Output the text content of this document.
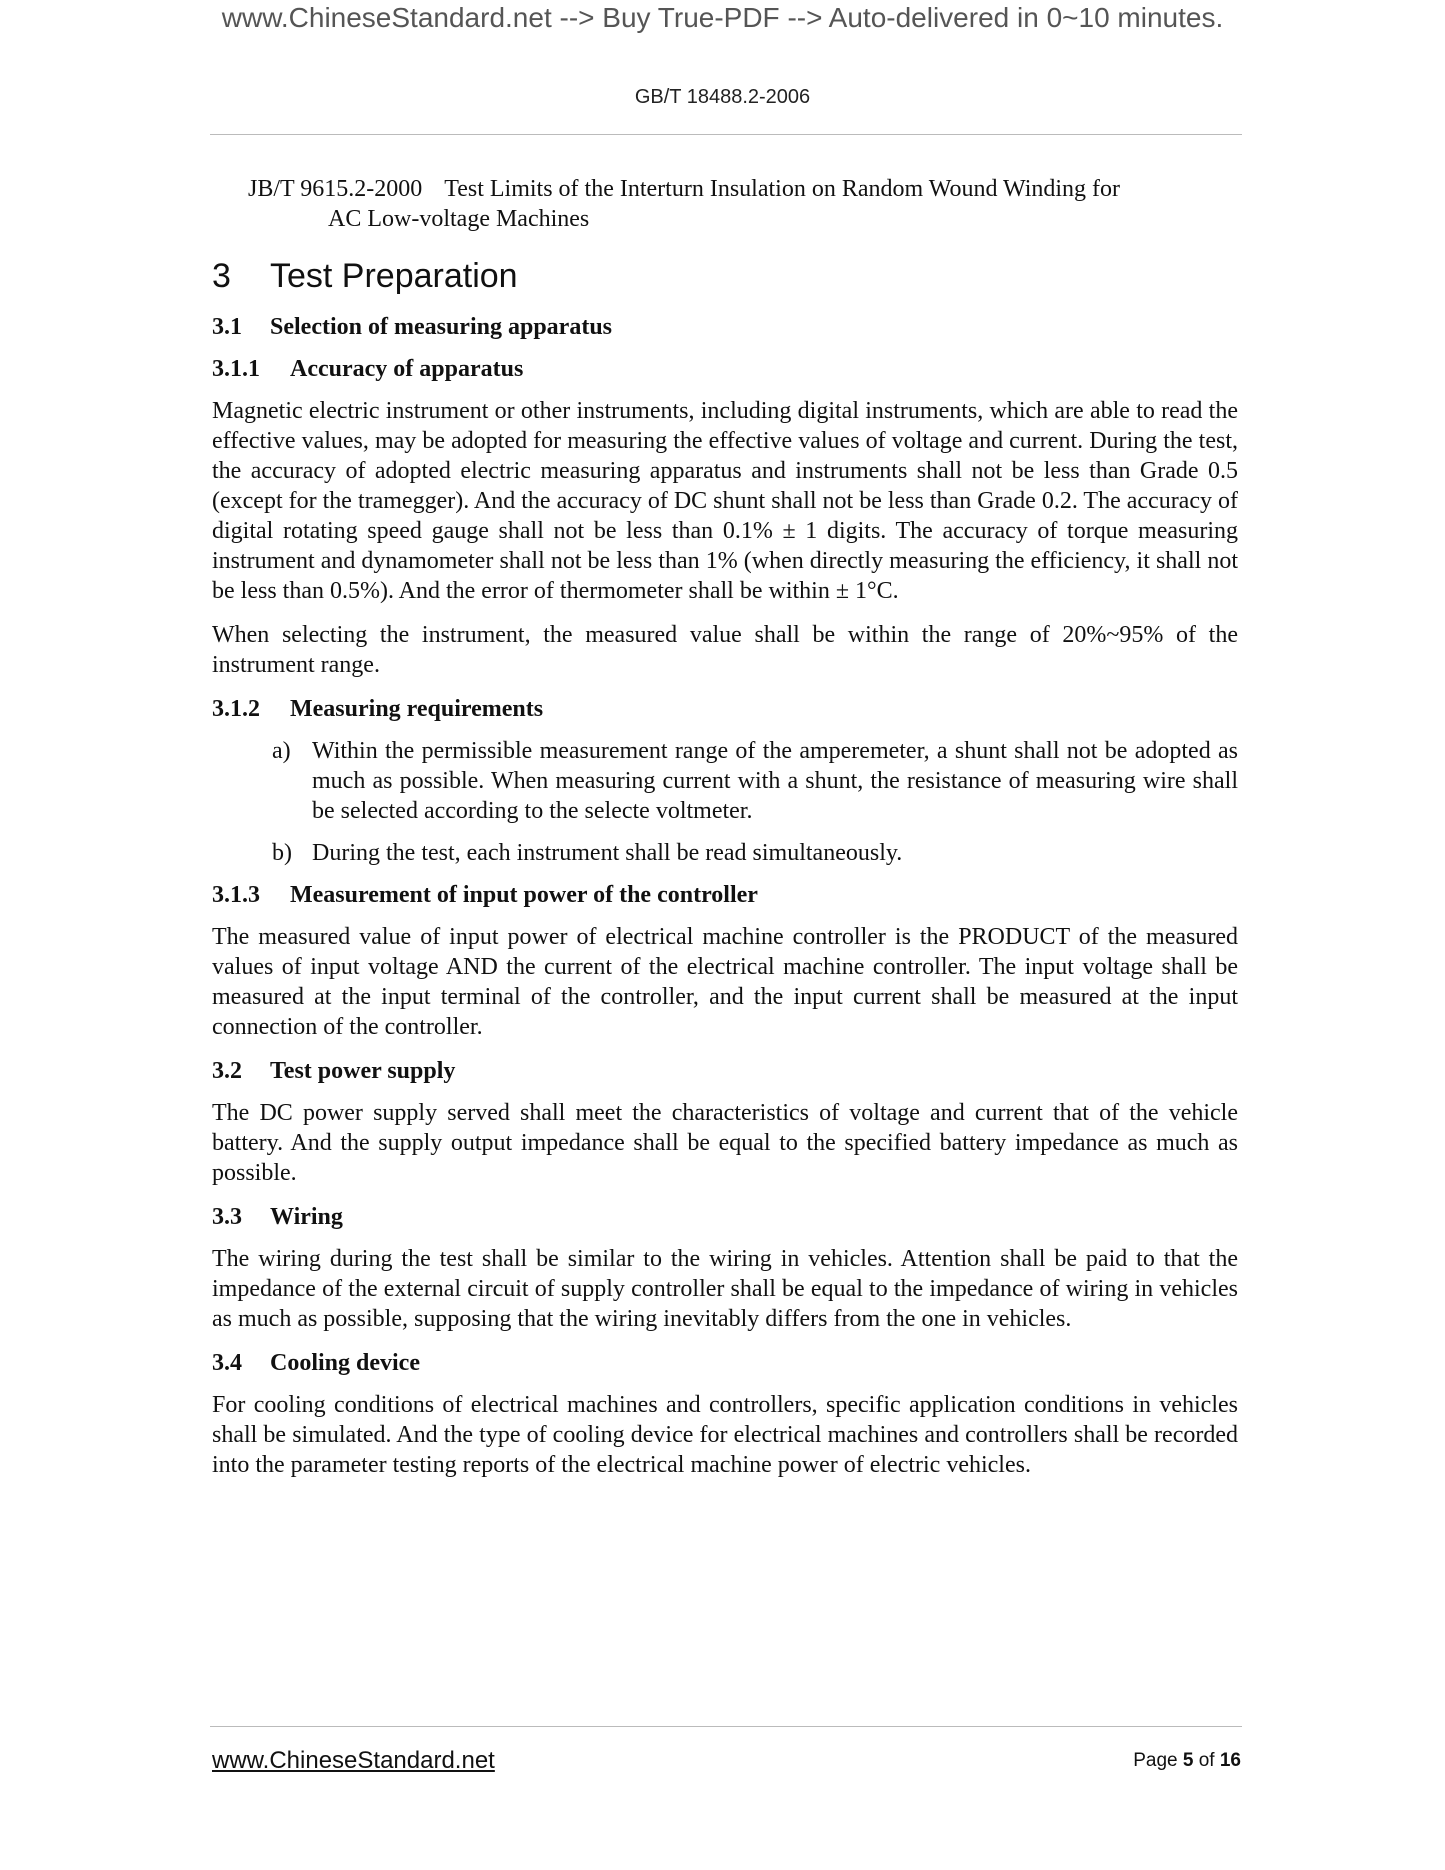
www.ChineseStandard.net --> Buy True-PDF --> Auto-delivered in 0~10 minutes.
GB/T 18488.2-2006

JB/T 9615.2-2000 Test Limits of the Interturn Insulation on Random Wound Winding for

AC Low-voltage Machines

3 Test Preparation
3.1 Selection of measuring apparatus
3.1.1 Accuracy of apparatus

Magnetic electric instrument or other instruments, including digital instruments, which are able to read the effective values, may be adopted for measuring the effective values of voltage and current. During the test, the accuracy of adopted electric measuring apparatus and instruments shall not be less than Grade 0.5 (except for the tramegger). And the accuracy of DC shunt shall not be less than Grade 0.2. The accuracy of digital rotating speed gauge shall not be less than 0.1% ± 1 digits. The accuracy of torque measuring instrument and dynamometer shall not be less than 1% (when directly measuring the efficiency, it shall not be less than 0.5%). And the error of thermometer shall be within ± 1°C.

When selecting the instrument, the measured value shall be within the range of 20%~95% of the instrument range.

3.1.2 Measuring requirements

a) Within the permissible measurement range of the amperemeter, a shunt shall not be adopted as much as possible. When measuring current with a shunt, the resistance of measuring wire shall be selected according to the selecte voltmeter.

b) During the test, each instrument shall be read simultaneously.

3.1.3 Measurement of input power of the controller

The measured value of input power of electrical machine controller is the PRODUCT of the measured values of input voltage AND the current of the electrical machine controller. The input voltage shall be measured at the input terminal of the controller, and the input current shall be measured at the input connection of the controller.

3.2 Test power supply

The DC power supply served shall meet the characteristics of voltage and current that of the vehicle battery. And the supply output impedance shall be equal to the specified battery impedance as much as possible.

3.3 Wiring

The wiring during the test shall be similar to the wiring in vehicles. Attention shall be paid to that the impedance of the external circuit of supply controller shall be equal to the impedance of wiring in vehicles as much as possible, supposing that the wiring inevitably differs from the one in vehicles.

3.4 Cooling device

For cooling conditions of electrical machines and controllers, specific application conditions in vehicles shall be simulated. And the type of cooling device for electrical machines and controllers shall be recorded into the parameter testing reports of the electrical machine power of electric vehicles.

www.ChineseStandard.net	Page 5 of 16
